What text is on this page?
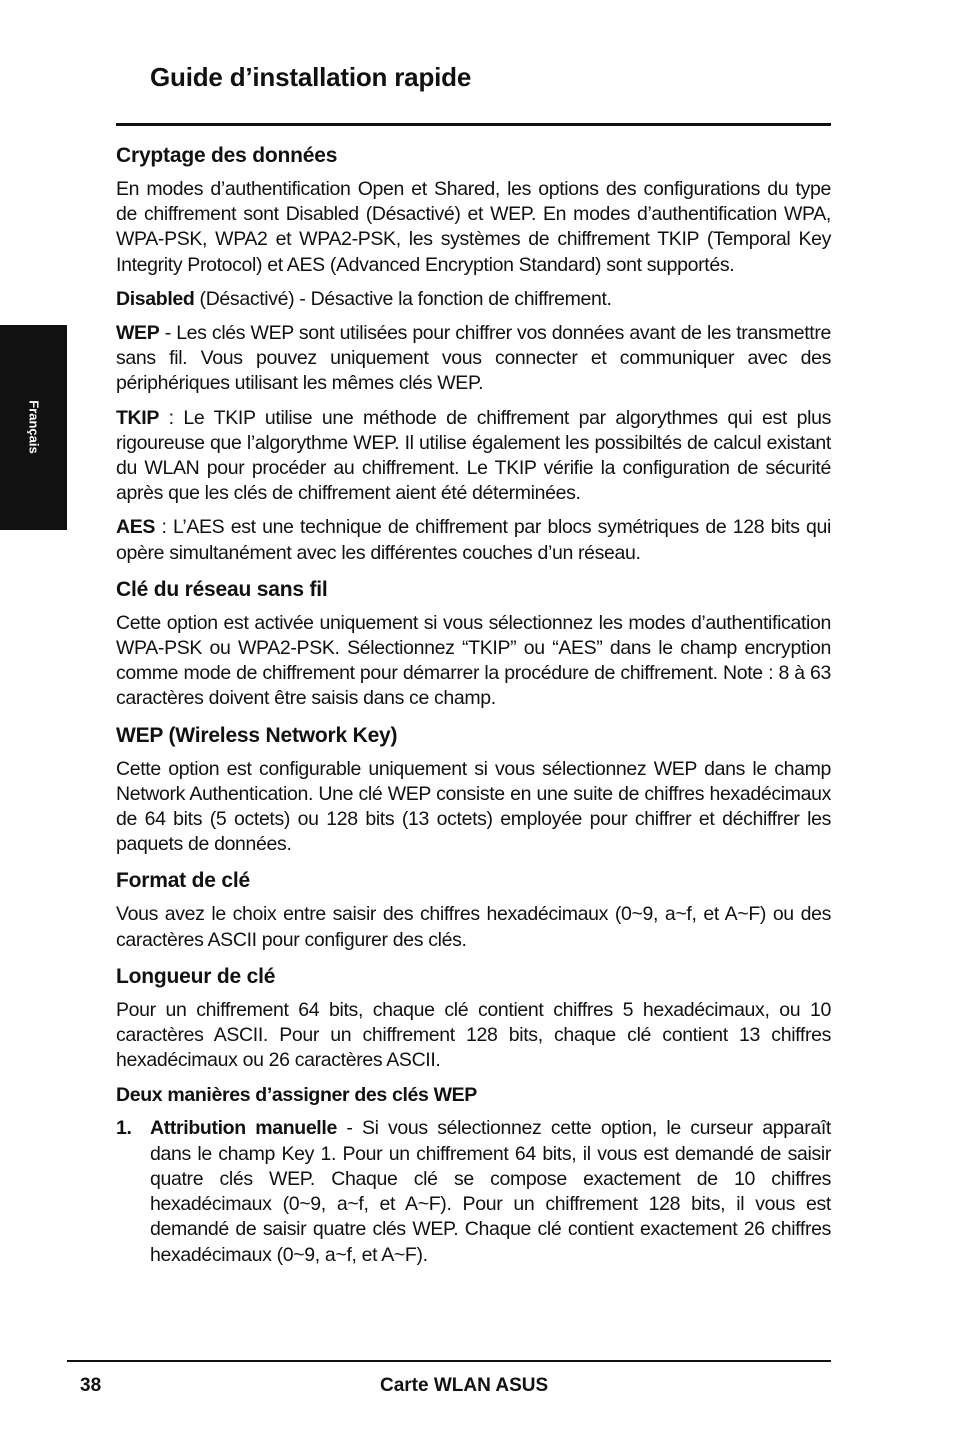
Guide d’installation rapide
Français
Cryptage des données

En modes d’authentification Open et Shared, les options des configurations du type de chiffrement sont Disabled (Désactivé) et WEP. En modes d’authentification WPA, WPA-PSK, WPA2 et WPA2-PSK, les systèmes de chiffrement TKIP (Temporal Key Integrity Protocol) et AES (Advanced Encryption Standard) sont supportés.

Disabled (Désactivé) - Désactive la fonction de chiffrement.

WEP - Les clés WEP sont utilisées pour chiffrer vos données avant de les transmettre sans fil. Vous pouvez uniquement vous connecter et communiquer avec des périphériques utilisant les mêmes clés WEP.

TKIP : Le TKIP utilise une méthode de chiffrement par algorythmes qui est plus rigoureuse que l’algorythme WEP. Il utilise également les possibiltés de calcul existant du WLAN pour procéder au chiffrement. Le TKIP vérifie la configuration de sécurité après que les clés de chiffrement aient été déterminées.

AES : L’AES est une technique de chiffrement par blocs symétriques de 128 bits qui opère simultanément avec les différentes couches d’un réseau.

Clé du réseau sans fil

Cette option est activée uniquement si vous sélectionnez les modes d’authentification WPA-PSK ou WPA2-PSK. Sélectionnez “TKIP” ou “AES” dans le champ encryption comme mode de chiffrement pour démarrer la procédure de chiffrement. Note : 8 à 63 caractères doivent être saisis dans ce champ.

WEP (Wireless Network Key)

Cette option est configurable uniquement si vous sélectionnez WEP dans le champ Network Authentication. Une clé WEP consiste en une suite de chiffres hexadécimaux de 64 bits (5 octets) ou 128 bits (13 octets) employée pour chiffrer et déchiffrer les paquets de données.

Format de clé

Vous avez le choix entre saisir des chiffres hexadécimaux (0~9, a~f, et A~F) ou des caractères ASCII pour configurer des clés.

Longueur de clé

Pour un chiffrement 64 bits, chaque clé contient chiffres 5 hexadécimaux, ou 10 caractères ASCII. Pour un chiffrement 128 bits, chaque clé contient 13 chiffres hexadécimaux ou 26 caractères ASCII.

Deux manières d’assigner des clés WEP
1. Attribution manuelle - Si vous sélectionnez cette option, le curseur apparaît dans le champ Key 1. Pour un chiffrement 64 bits, il vous est demandé de saisir quatre clés WEP. Chaque clé se compose exactement de 10 chiffres hexadécimaux (0~9, a~f, et A~F). Pour un chiffrement 128 bits, il vous est demandé de saisir quatre clés WEP. Chaque clé contient exactement 26 chiffres hexadécimaux (0~9, a~f, et A~F).
38	Carte WLAN ASUS
